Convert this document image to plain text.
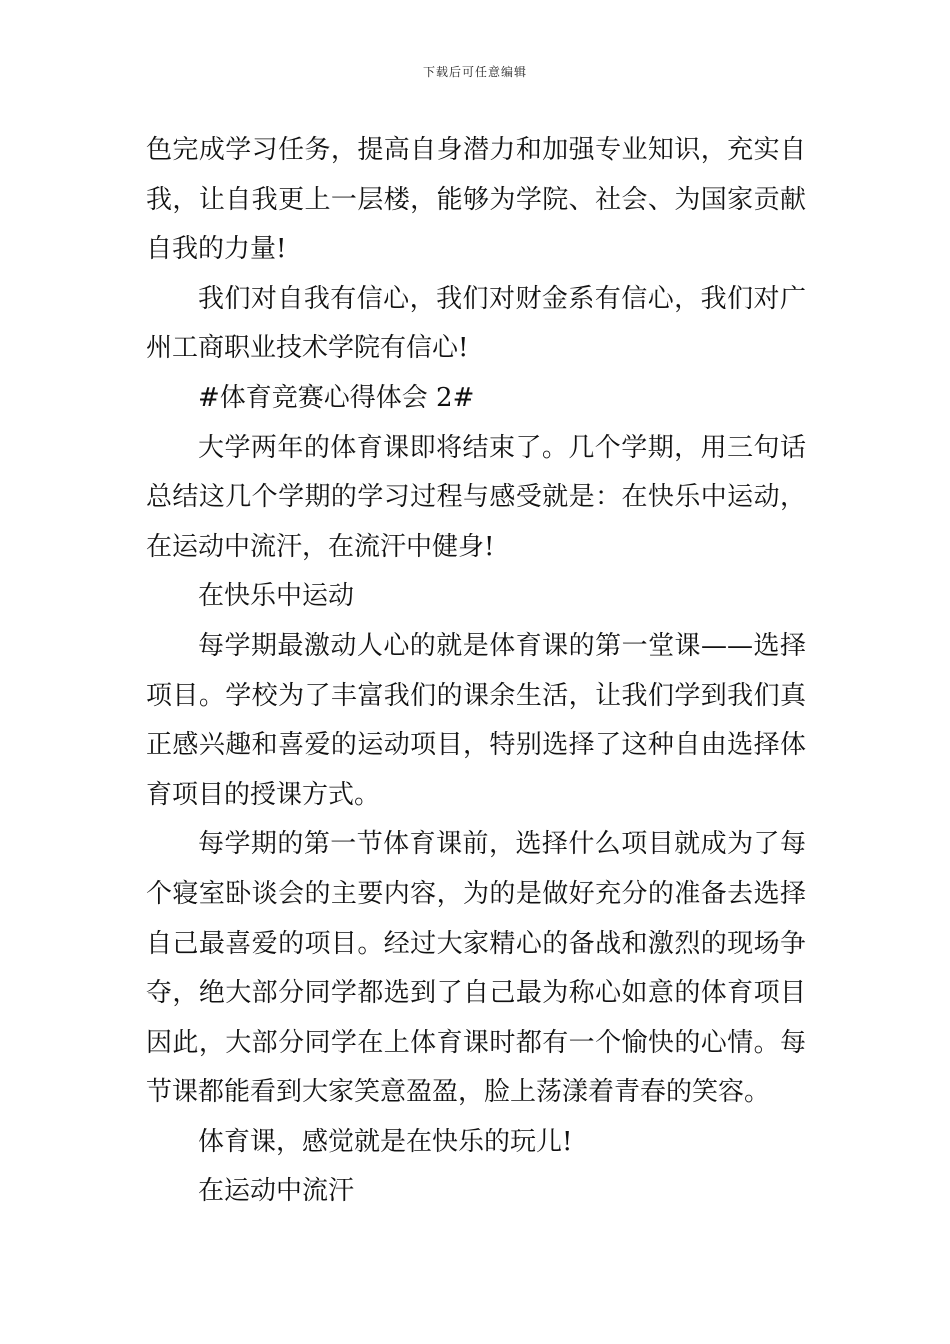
下载后可任意编辑
色完成学习任务，提高自身潜力和加强专业知识，充实自
我，让自我更上一层楼，能够为学院、社会、为国家贡献
自我的力量!
我们对自我有信心，我们对财金系有信心，我们对广
州工商职业技术学院有信心!
#体育竞赛心得体会 2#
大学两年的体育课即将结束了。几个学期，用三句话
总结这几个学期的学习过程与感受就是：在快乐中运动，
在运动中流汗，在流汗中健身!
在快乐中运动
每学期最激动人心的就是体育课的第一堂课——选择
项目。学校为了丰富我们的课余生活，让我们学到我们真
正感兴趣和喜爱的运动项目，特别选择了这种自由选择体
育项目的授课方式。
每学期的第一节体育课前，选择什么项目就成为了每
个寝室卧谈会的主要内容，为的是做好充分的准备去选择
自己最喜爱的项目。经过大家精心的备战和激烈的现场争
夺，绝大部分同学都选到了自己最为称心如意的体育项目
因此，大部分同学在上体育课时都有一个愉快的心情。每
节课都能看到大家笑意盈盈，脸上荡漾着青春的笑容。
体育课，感觉就是在快乐的玩儿!
在运动中流汗
